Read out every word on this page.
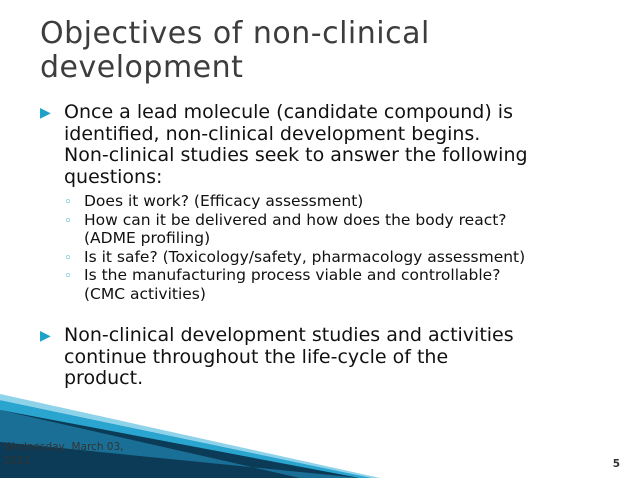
Objectives of non-clinical
development
▶ Once a lead molecule (candidate compound) is
identified, non-clinical development begins.
Non-clinical studies seek to answer the following
questions:
◦ Does it work? (Efficacy assessment)
◦ How can it be delivered and how does the body react?
(ADME profiling)
◦ Is it safe? (Toxicology/safety, pharmacology assessment)
◦ Is the manufacturing process viable and controllable?
(CMC activities)
▶ Non-clinical development studies and activities
continue throughout the life-cycle of the
product.
Wednesday, March 03,
2021	5
